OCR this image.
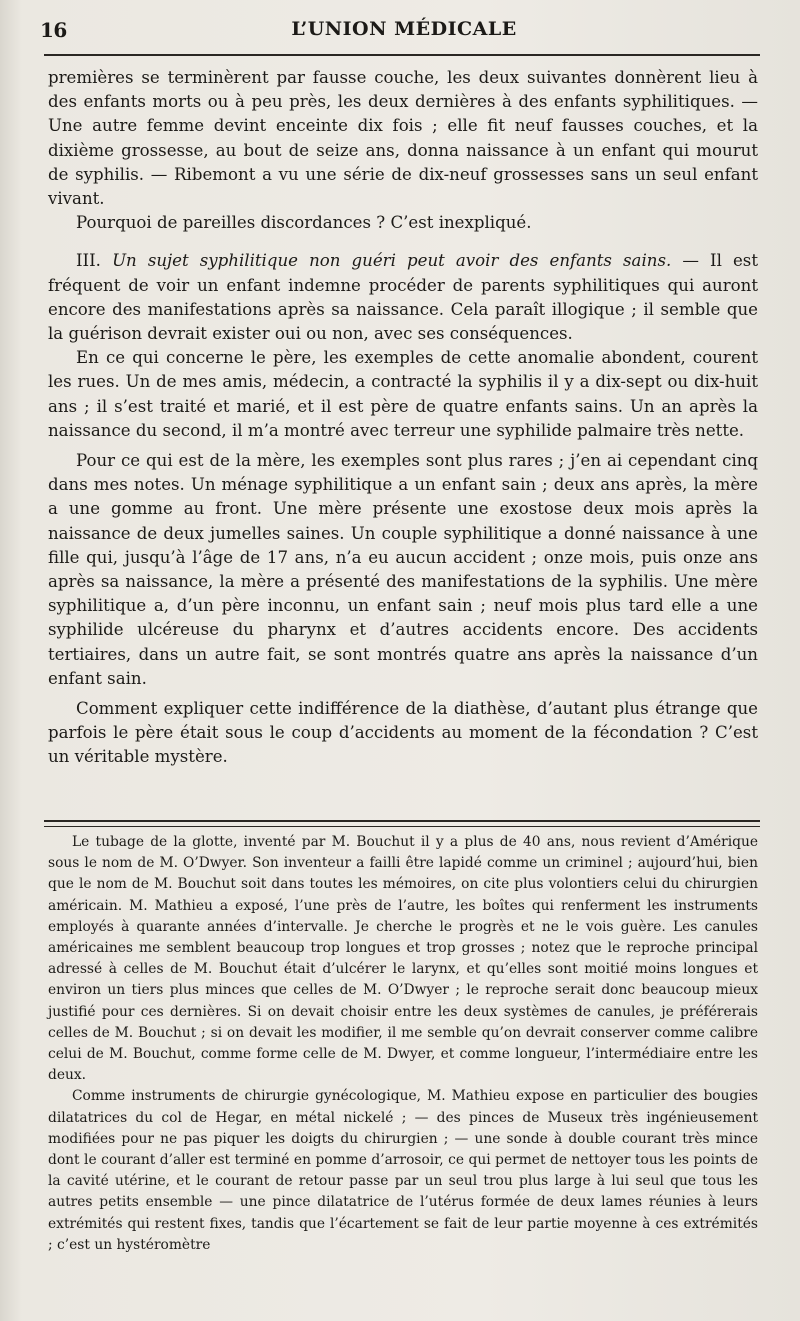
16	L’UNION MÉDICALE

premières se terminèrent par fausse couche, les deux suivantes donnèrent lieu à des enfants morts ou à peu près, les deux dernières à des enfants syphilitiques. — Une autre femme devint enceinte dix fois ; elle fit neuf fausses couches, et la dixième grossesse, au bout de seize ans, donna naissance à un enfant qui mourut de syphilis. — Ribemont a vu une série de dix-neuf grossesses sans un seul enfant vivant.

Pourquoi de pareilles discordances ? C’est inexpliqué.

III. Un sujet syphilitique non guéri peut avoir des enfants sains. — Il est fréquent de voir un enfant indemne procéder de parents syphilitiques qui auront encore des manifestations après sa naissance. Cela paraît illogique ; il semble que la guérison devrait exister oui ou non, avec ses conséquences.

En ce qui concerne le père, les exemples de cette anomalie abondent, courent les rues. Un de mes amis, médecin, a contracté la syphilis il y a dix-sept ou dix-huit ans ; il s’est traité et marié, et il est père de quatre enfants sains. Un an après la naissance du second, il m’a montré avec terreur une syphilide palmaire très nette.

Pour ce qui est de la mère, les exemples sont plus rares ; j’en ai cependant cinq dans mes notes. Un ménage syphilitique a un enfant sain ; deux ans après, la mère a une gomme au front. Une mère présente une exostose deux mois après la naissance de deux jumelles saines. Un couple syphilitique a donné naissance à une fille qui, jusqu’à l’âge de 17 ans, n’a eu aucun accident ; onze mois, puis onze ans après sa naissance, la mère a présenté des manifestations de la syphilis. Une mère syphilitique a, d’un père inconnu, un enfant sain ; neuf mois plus tard elle a une syphilide ulcéreuse du pharynx et d’autres accidents encore. Des accidents tertiaires, dans un autre fait, se sont montrés quatre ans après la naissance d’un enfant sain.

Comment expliquer cette indifférence de la diathèse, d’autant plus étrange que parfois le père était sous le coup d’accidents au moment de la fécondation ? C’est un véritable mystère.

Le tubage de la glotte, inventé par M. Bouchut il y a plus de 40 ans, nous revient d’Amérique sous le nom de M. O’Dwyer. Son inventeur a failli être lapidé comme un criminel ; aujourd’hui, bien que le nom de M. Bouchut soit dans toutes les mémoires, on cite plus volontiers celui du chirurgien américain. M. Mathieu a exposé, l’une près de l’autre, les boîtes qui renferment les instruments employés à quarante années d’intervalle. Je cherche le progrès et ne le vois guère. Les canules américaines me semblent beaucoup trop longues et trop grosses ; notez que le reproche principal adressé à celles de M. Bouchut était d’ulcérer le larynx, et qu’elles sont moitié moins longues et environ un tiers plus minces que celles de M. O’Dwyer ; le reproche serait donc beaucoup mieux justifié pour ces dernières. Si on devait choisir entre les deux systèmes de canules, je préférerais celles de M. Bouchut ; si on devait les modifier, il me semble qu’on devrait conserver comme calibre celui de M. Bouchut, comme forme celle de M. Dwyer, et comme longueur, l’intermédiaire entre les deux.

Comme instruments de chirurgie gynécologique, M. Mathieu expose en particulier des bougies dilatatrices du col de Hegar, en métal nickelé ; — des pinces de Museux très ingénieusement modifiées pour ne pas piquer les doigts du chirurgien ; — une sonde à double courant très mince dont le courant d’aller est terminé en pomme d’arrosoir, ce qui permet de nettoyer tous les points de la cavité utérine, et le courant de retour passe par un seul trou plus large à lui seul que tous les autres petits ensemble — une pince dilatatrice de l’utérus formée de deux lames réunies à leurs extrémités qui restent fixes, tandis que l’écartement se fait de leur partie moyenne à ces extrémités ; c’est un hystéromètre
